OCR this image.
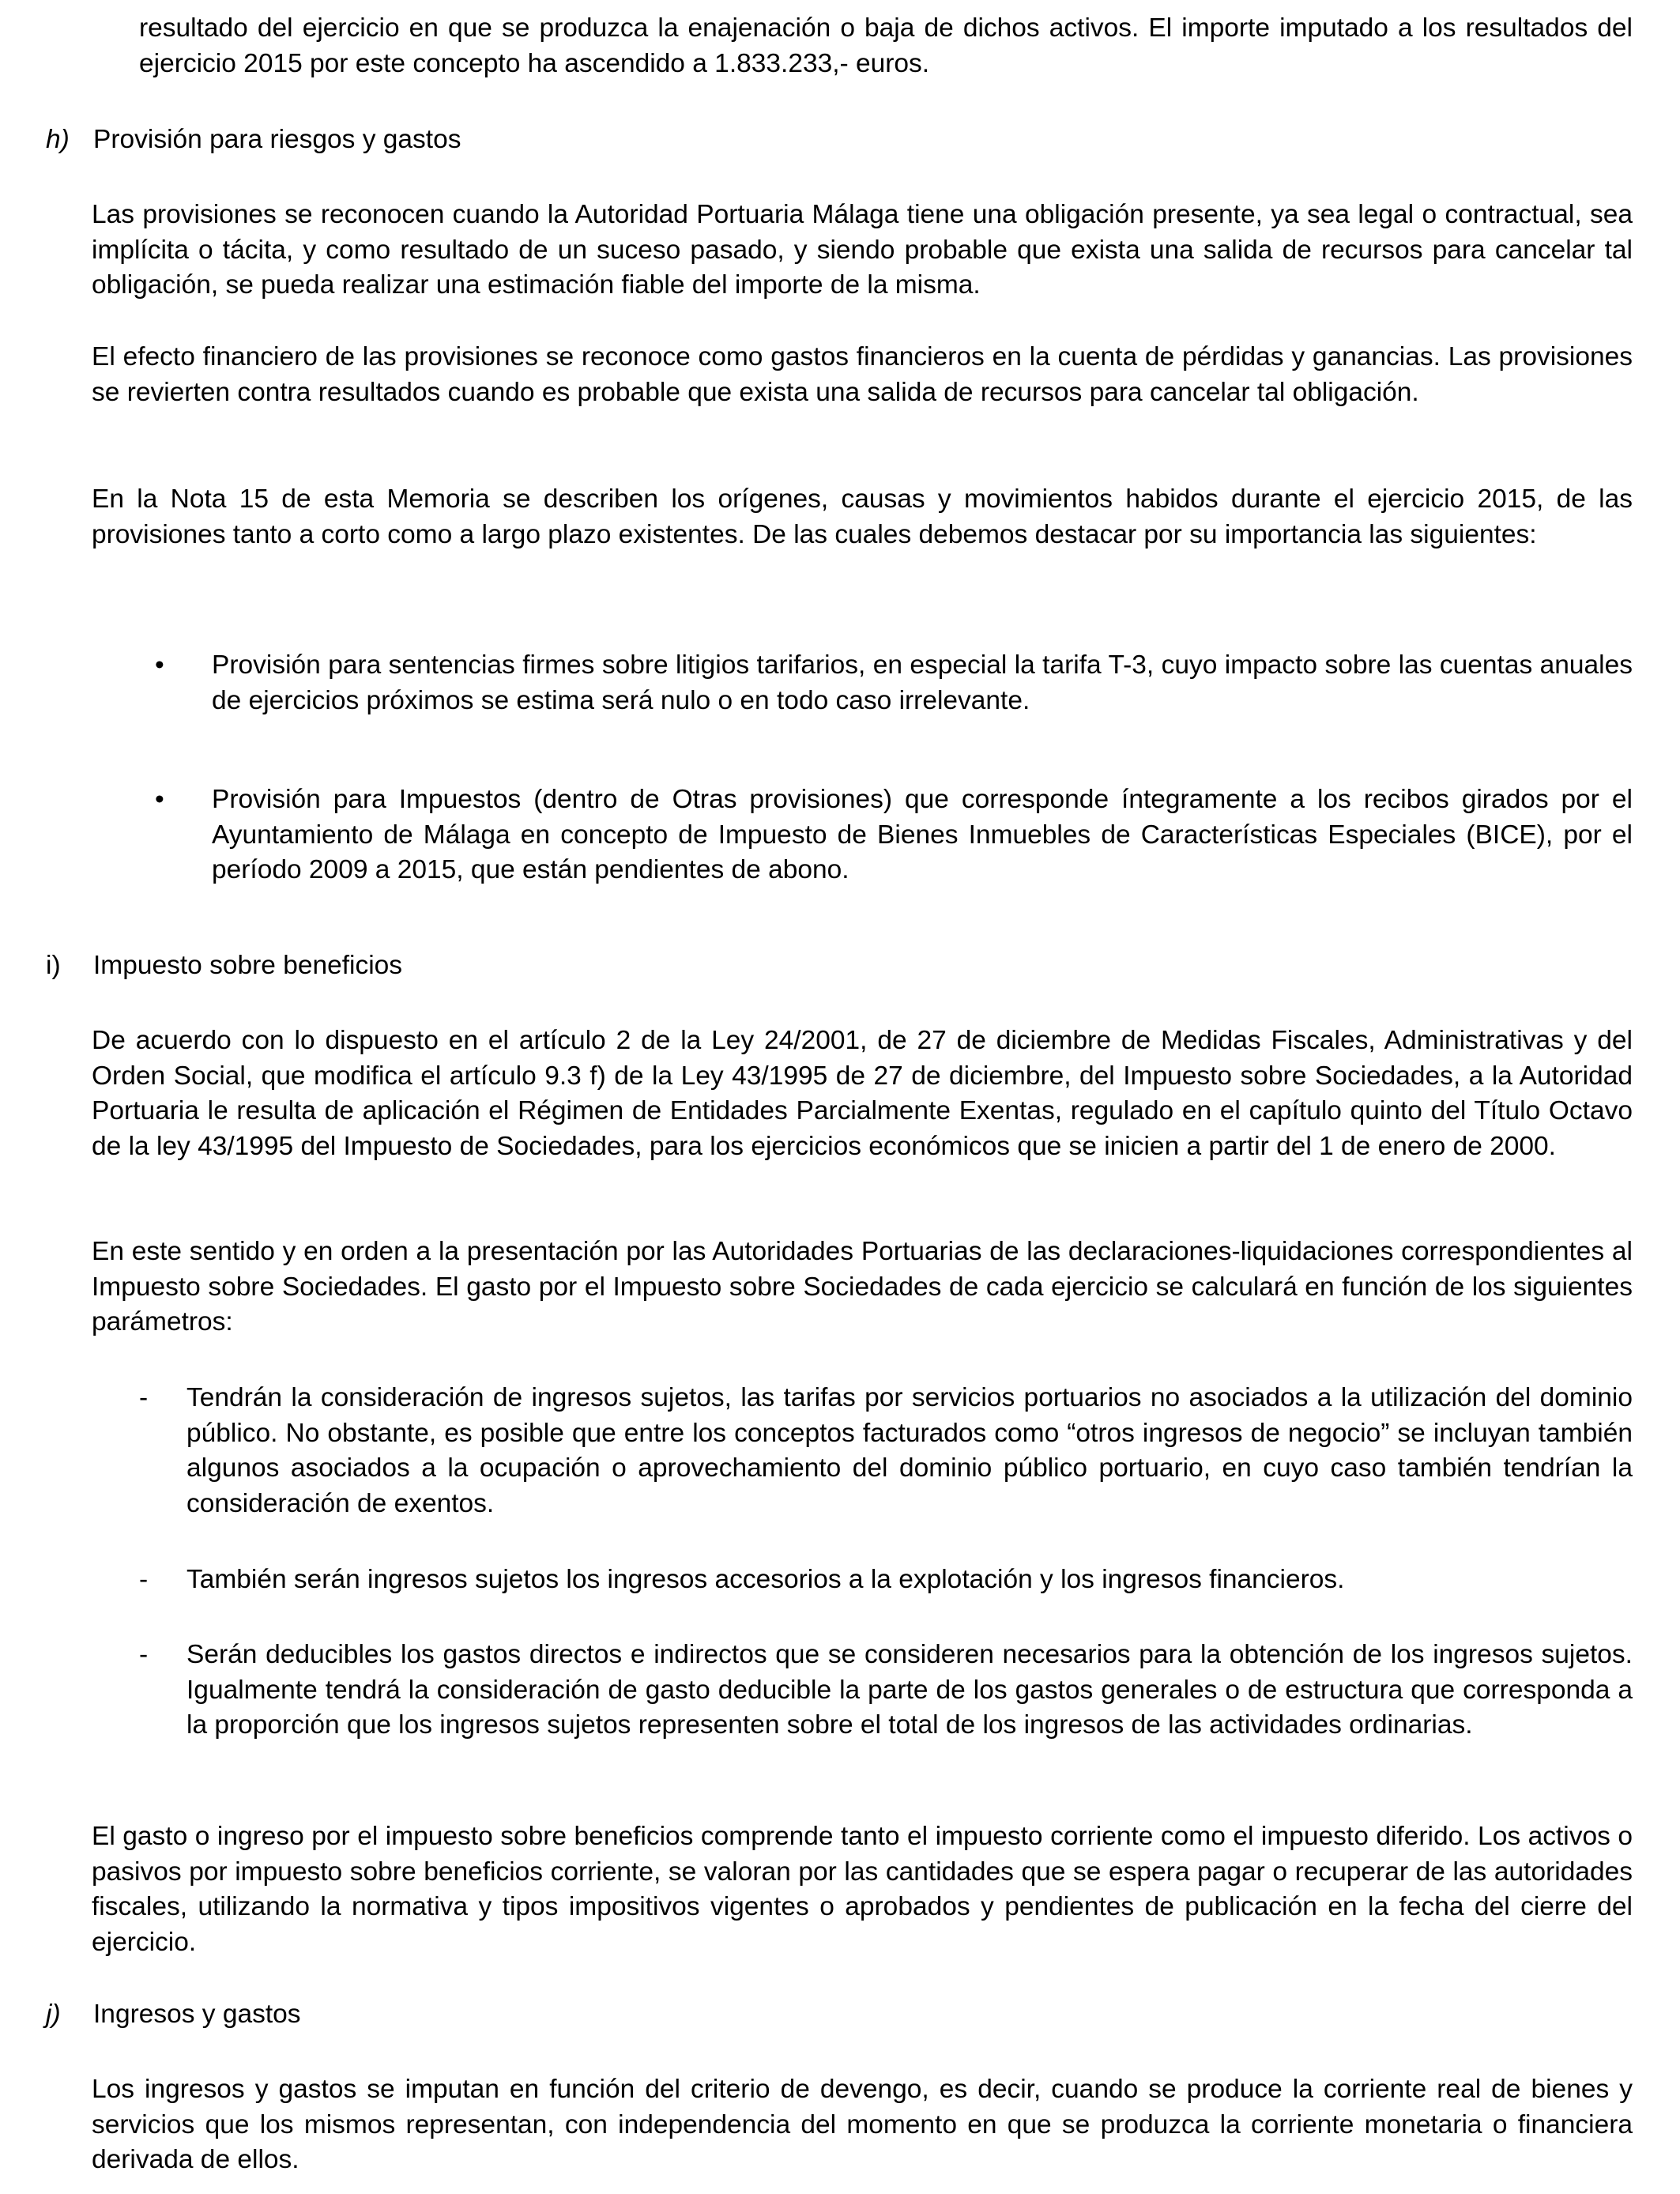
resultado del ejercicio en que se produzca la enajenación o baja de dichos activos. El importe imputado a los resultados del ejercicio 2015 por este concepto ha ascendido a 1.833.233,- euros.

h) Provisión para riesgos y gastos

Las provisiones se reconocen cuando la Autoridad Portuaria Málaga tiene una obligación presente, ya sea legal o contractual, sea implícita o tácita, y como resultado de un suceso pasado, y siendo probable que exista una salida de recursos para cancelar tal obligación, se pueda realizar una estimación fiable del importe de la misma.

El efecto financiero de las provisiones se reconoce como gastos financieros en la cuenta de pérdidas y ganancias. Las provisiones se revierten contra resultados cuando es probable que exista una salida de recursos para cancelar tal obligación.

En la Nota 15 de esta Memoria se describen los orígenes, causas y movimientos habidos durante el ejercicio 2015, de las provisiones tanto a corto como a largo plazo existentes. De las cuales debemos destacar por su importancia las siguientes:

• Provisión para sentencias firmes sobre litigios tarifarios, en especial la tarifa T-3, cuyo impacto sobre las cuentas anuales de ejercicios próximos se estima será nulo o en todo caso irrelevante.
• Provisión para Impuestos (dentro de Otras provisiones) que corresponde íntegramente a los recibos girados por el Ayuntamiento de Málaga en concepto de Impuesto de Bienes Inmuebles de Características Especiales (BICE), por el período 2009 a 2015, que están pendientes de abono.
i) Impuesto sobre beneficios

De acuerdo con lo dispuesto en el artículo 2 de la Ley 24/2001, de 27 de diciembre de Medidas Fiscales, Administrativas y del Orden Social, que modifica el artículo 9.3 f) de la Ley 43/1995 de 27 de diciembre, del Impuesto sobre Sociedades, a la Autoridad Portuaria le resulta de aplicación el Régimen de Entidades Parcialmente Exentas, regulado en el capítulo quinto del Título Octavo de la ley 43/1995 del Impuesto de Sociedades, para los ejercicios económicos que se inicien a partir del 1 de enero de 2000.

En este sentido y en orden a la presentación por las Autoridades Portuarias de las declaraciones-liquidaciones correspondientes al Impuesto sobre Sociedades. El gasto por el Impuesto sobre Sociedades de cada ejercicio se calculará en función de los siguientes parámetros:

- Tendrán la consideración de ingresos sujetos, las tarifas por servicios portuarios no asociados a la utilización del dominio público. No obstante, es posible que entre los conceptos facturados como “otros ingresos de negocio” se incluyan también algunos asociados a la ocupación o aprovechamiento del dominio público portuario, en cuyo caso también tendrían la consideración de exentos.
- También serán ingresos sujetos los ingresos accesorios a la explotación y los ingresos financieros.
- Serán deducibles los gastos directos e indirectos que se consideren necesarios para la obtención de los ingresos sujetos. Igualmente tendrá la consideración de gasto deducible la parte de los gastos generales o de estructura que corresponda a la proporción que los ingresos sujetos representen sobre el total de los ingresos de las actividades ordinarias.

El gasto o ingreso por el impuesto sobre beneficios comprende tanto el impuesto corriente como el impuesto diferido. Los activos o pasivos por impuesto sobre beneficios corriente, se valoran por las cantidades que se espera pagar o recuperar de las autoridades fiscales, utilizando la normativa y tipos impositivos vigentes o aprobados y pendientes de publicación en la fecha del cierre del ejercicio.

j) Ingresos y gastos

Los ingresos y gastos se imputan en función del criterio de devengo, es decir, cuando se produce la corriente real de bienes y servicios que los mismos representan, con independencia del momento en que se produzca la corriente monetaria o financiera derivada de ellos.
